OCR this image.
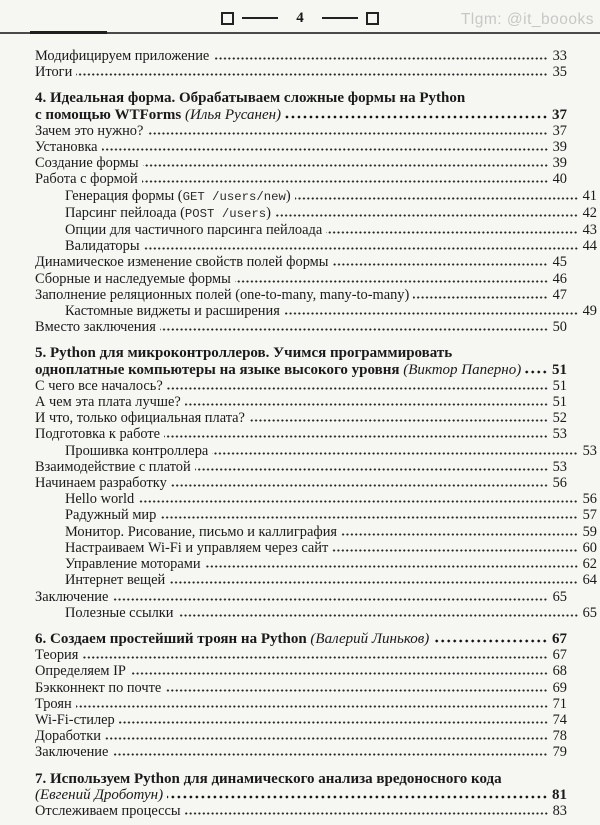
4	Tlgm: @it_boooks
Модифицируем приложение	33
Итоги	35
4. Идеальная форма. Обрабатываем сложные формы на Python
с помощью WTForms (Илья Русанен)	37
Зачем это нужно?	37
Установка	39
Создание формы	39
Работа с формой	40
Генерация формы (GET /users/new)	41
Парсинг пейлоада (POST /users)	42
Опции для частичного парсинга пейлоада	43
Валидаторы	44
Динамическое изменение свойств полей формы	45
Сборные и наследуемые формы	46
Заполнение реляционных полей (one-to-many, many-to-many)	47
Кастомные виджеты и расширения	49
Вместо заключения	50
5. Python для микроконтроллеров. Учимся программировать
одноплатные компьютеры на языке высокого уровня (Виктор Паперно) 51
С чего все началось?	51
А чем эта плата лучше?	51
И что, только официальная плата?	52
Подготовка к работе	53
Прошивка контроллера	53
Взаимодействие с платой	53
Начинаем разработку	56
Hello world	56
Радужный мир	57
Монитор. Рисование, письмо и каллиграфия	59
Настраиваем Wi-Fi и управляем через сайт	60
Управление моторами	62
Интернет вещей	64
Заключение	65
Полезные ссылки	65
6. Создаем простейший троян на Python (Валерий Линьков)	67
Теория	67
Определяем IP	68
Бэкконнект по почте	69
Троян	71
Wi-Fi-стилер	74
Доработки	78
Заключение	79
7. Используем Python для динамического анализа вредоносного кода
(Евгений Дроботун)	81
Отслеживаем процессы	83
